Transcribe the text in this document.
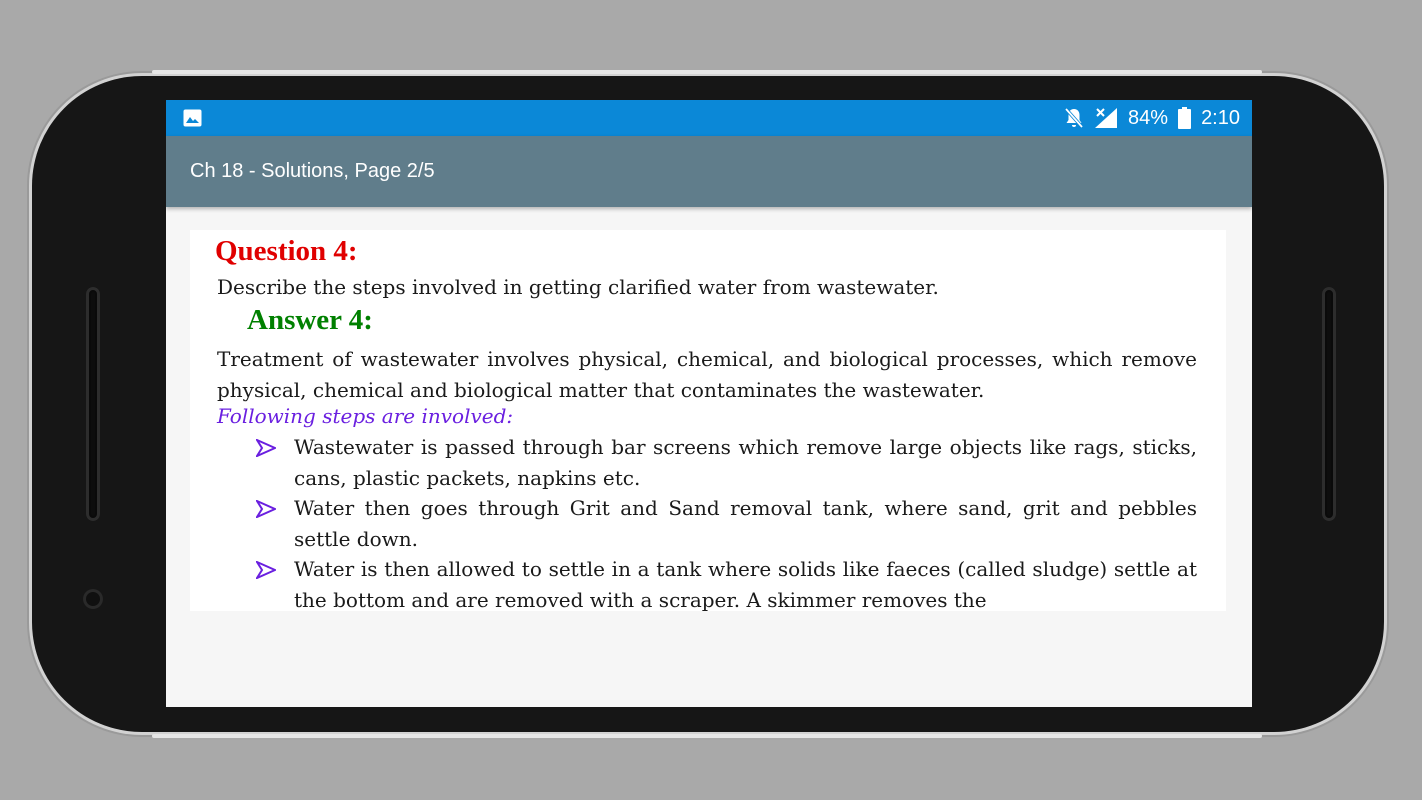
84% 2:10
Ch 18 - Solutions, Page 2/5
Question 4:
Describe the steps involved in getting clarified water from wastewater.
Answer 4:
Treatment of wastewater involves physical, chemical, and biological processes, which remove physical, chemical and biological matter that contaminates the wastewater.
Following steps are involved:
Wastewater is passed through bar screens which remove large objects like rags, sticks, cans, plastic packets, napkins etc.
Water then goes through Grit and Sand removal tank, where sand, grit and pebbles settle down.
Water is then allowed to settle in a tank where solids like faeces (called sludge) settle at the bottom and are removed with a scraper. A skimmer removes the
